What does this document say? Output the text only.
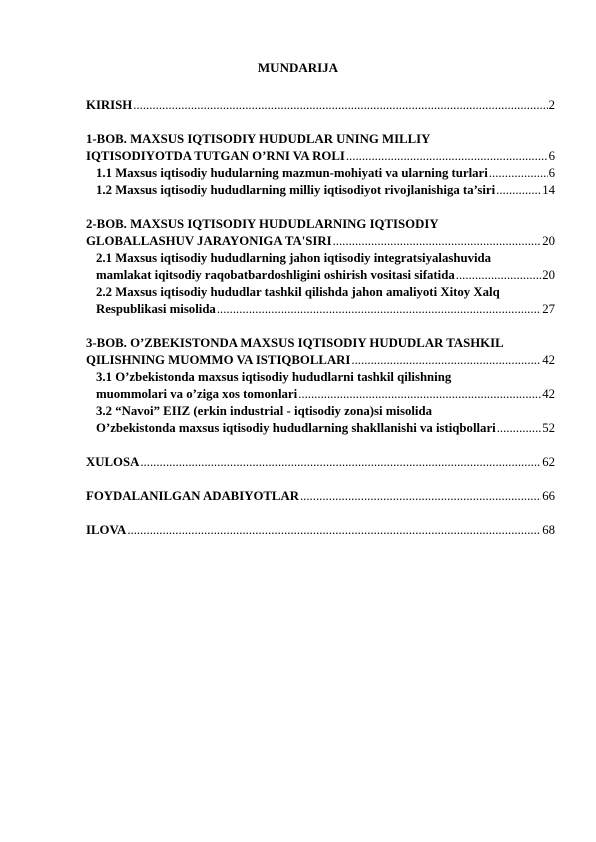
MUNDARIJA
KIRISH .....	2
1-BOB. MAXSUS IQTISODIY HUDUDLAR UNING MILLIY
IQTISODIYOTDA TUTGAN O’RNI VA ROLI .....	6
1.1 Maxsus iqtisodiy hudularning mazmun-mohiyati va ularning turlari .....	6
1.2 Maxsus iqtisodiy hududlarning milliy iqtisodiyot rivojlanishiga ta’siri .....	14
2-BOB. MAXSUS IQTISODIY HUDUDLARNING IQTISODIY
GLOBALLASHUV JARAYONIGA TA'SIRI .....	20
2.1 Maxsus iqtisodiy hududlarning jahon iqtisodiy integratsiyalashuvida
mamlakat iqitsodiy raqobatbardoshligini oshirish vositasi sifatida .....	20
2.2 Maxsus iqtisodiy hududlar tashkil qilishda jahon amaliyoti Xitoy Xalq
Respublikasi misolida .....	27
3-BOB. O’ZBEKISTONDA MAXSUS IQTISODIY HUDUDLAR TASHKIL
QILISHNING MUOMMO VA ISTIQBOLLARI .....	42
3.1 O’zbekistonda maxsus iqtisodiy hududlarni tashkil qilishning
muommolari va o’ziga xos tomonlari .....	42
3.2 “Navoi” EIIZ (erkin industrial - iqtisodiy zona)si misolida
O’zbekistonda maxsus iqtisodiy hududlarning shakllanishi va istiqbollari .....	52
XULOSA .....	62
FOYDALANILGAN ADABIYOTLAR .....	66
ILOVA .....	68
